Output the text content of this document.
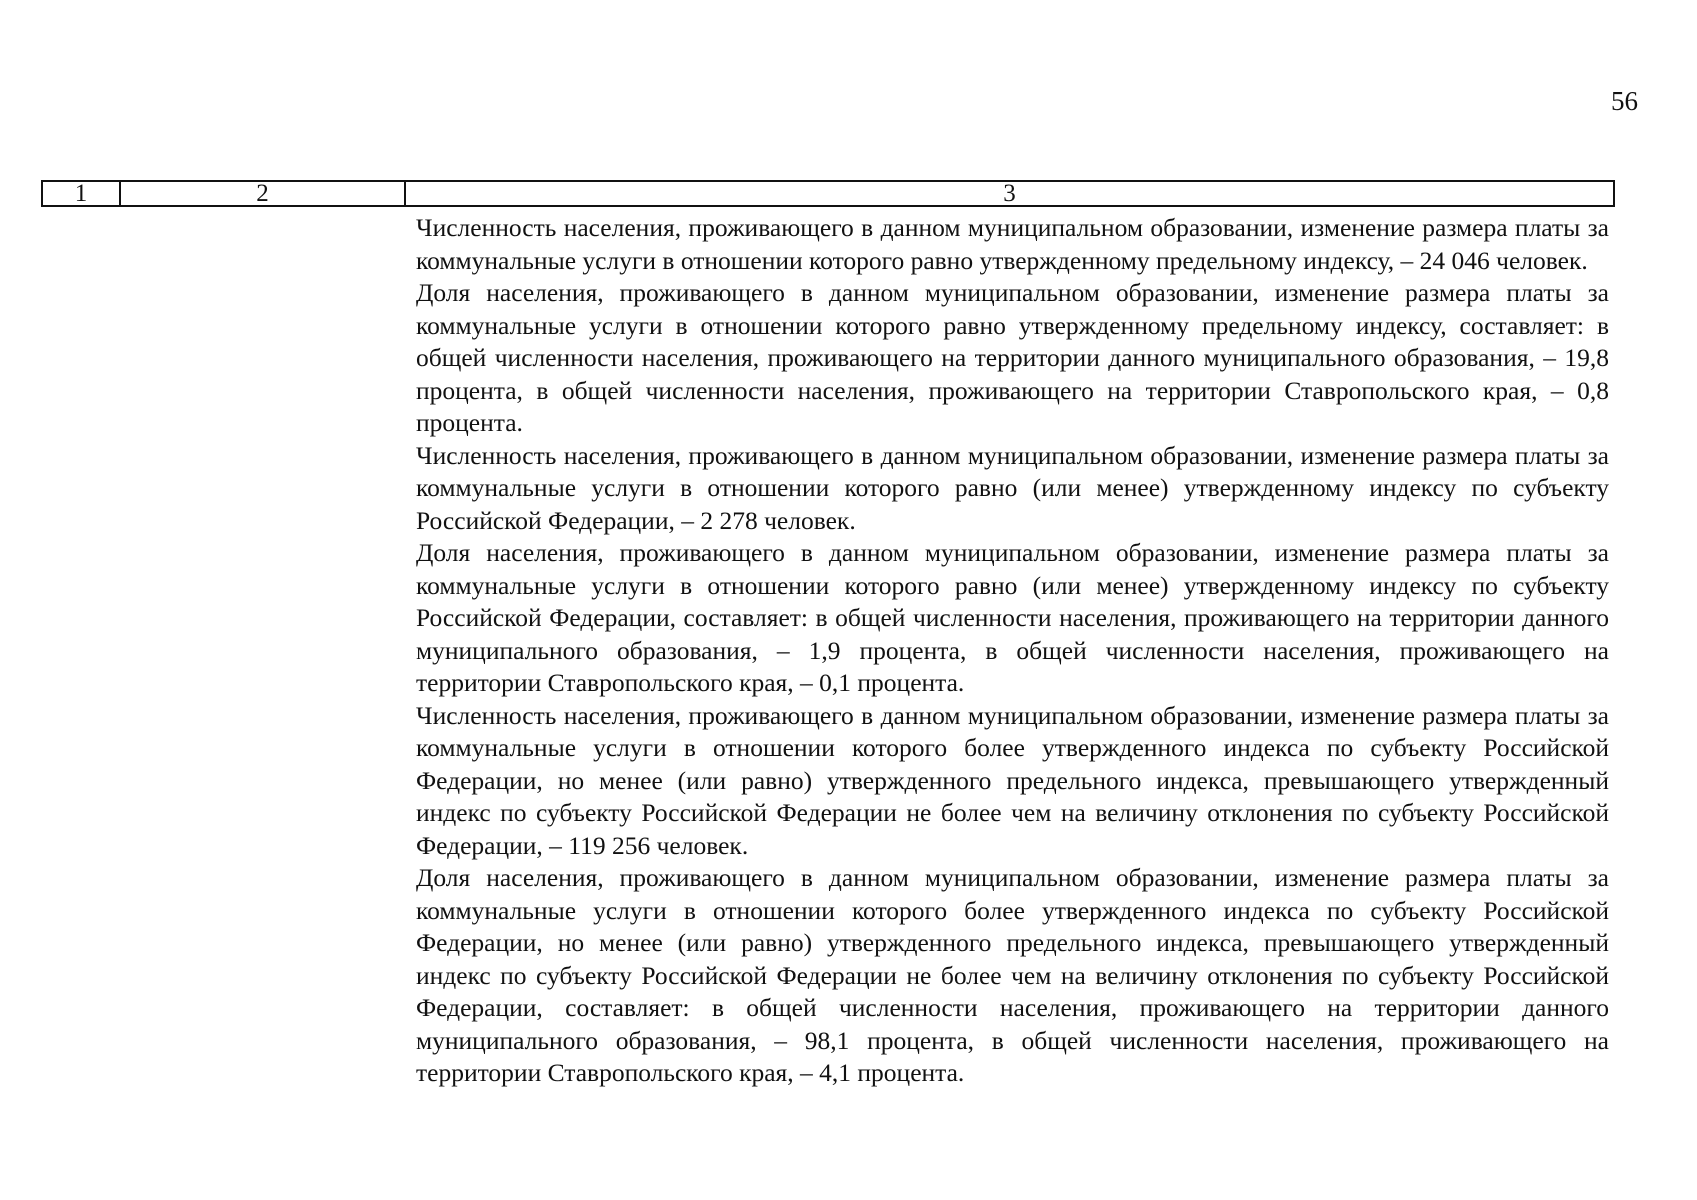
56
1	2	3

Численность населения, проживающего в данном муниципальном образовании, изменение размера платы за коммунальные услуги в отношении которого равно утвержденному предельному индексу, – 24 046 человек.

Доля населения, проживающего в данном муниципальном образовании, изменение размера платы за коммунальные услуги в отношении которого равно утвержденному предельному индексу, составляет: в общей численности населения, проживающего на территории данного муниципального образования, – 19,8 процента, в общей численности населения, проживающего на территории Ставропольского края, – 0,8 процента.

Численность населения, проживающего в данном муниципальном образовании, изменение размера платы за коммунальные услуги в отношении которого равно (или менее) утвержденному индексу по субъекту Российской Федерации, – 2 278 человек.

Доля населения, проживающего в данном муниципальном образовании, изменение размера платы за коммунальные услуги в отношении которого равно (или менее) утвержденному индексу по субъекту Российской Федерации, составляет: в общей численности населения, проживающего на территории данного муниципального образования, – 1,9 процента, в общей численности населения, проживающего на территории Ставропольского края, – 0,1 процента.

Численность населения, проживающего в данном муниципальном образовании, изменение размера платы за коммунальные услуги в отношении которого более утвержденного индекса по субъекту Российской Федерации, но менее (или равно) утвержденного предельного индекса, превышающего утвержденный индекс по субъекту Российской Федерации не более чем на величину отклонения по субъекту Российской Федерации, – 119 256 человек.

Доля населения, проживающего в данном муниципальном образовании, изменение размера платы за коммунальные услуги в отношении которого более утвержденного индекса по субъекту Российской Федерации, но менее (или равно) утвержденного предельного индекса, превышающего утвержденный индекс по субъекту Российской Федерации не более чем на величину отклонения по субъекту Российской Федерации, составляет: в общей численности населения, проживающего на территории данного муниципального образования, – 98,1 процента, в общей численности населения, проживающего на территории Ставропольского края, – 4,1 процента.
